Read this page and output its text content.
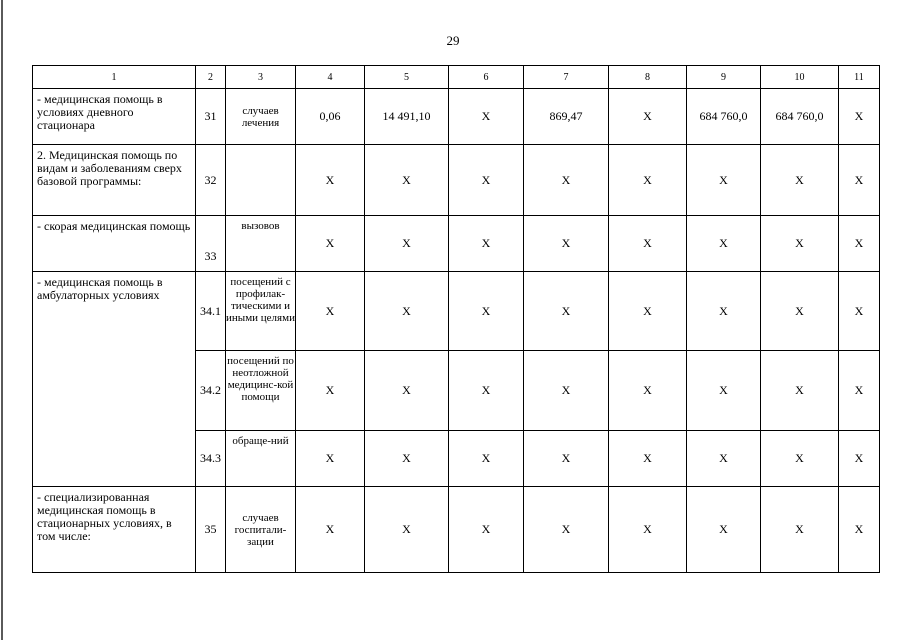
29
1	2	3	4	5	6	7	8	9	10	11
- медицинская помощь в условиях дневного стационара	31	случаев лечения	0,06	14 491,10	X	869,47	X	684 760,0	684 760,0	X
2. Медицинская помощь по видам и заболеваниям сверх базовой программы:	32		X	X	X	X	X	X	X	X
- скорая медицинская помощь	33	вызовов	X	X	X	X	X	X	X	X
- медицинская помощь в амбулаторных условиях	34.1	посещений с профилак-тическими и иными целями	X	X	X	X	X	X	X	X
	34.2	посещений по неотложной медицинс-кой помощи	X	X	X	X	X	X	X	X
	34.3	обраще-ний	X	X	X	X	X	X	X	X
- специализированная медицинская помощь в стационарных условиях, в том числе:	35	случаев госпитали-зации	X	X	X	X	X	X	X	X
